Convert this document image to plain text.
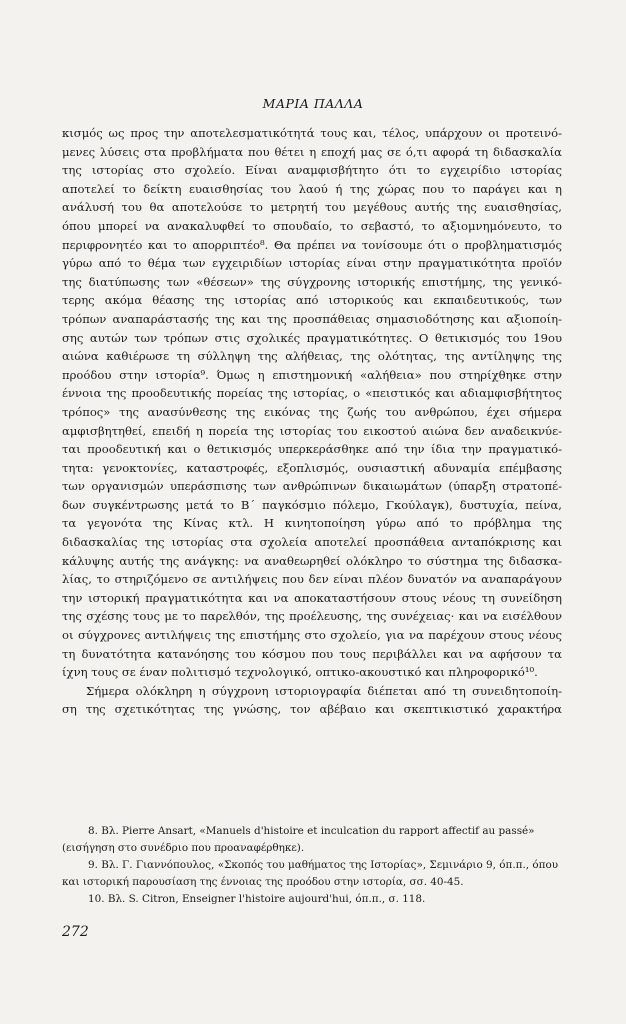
ΜΑΡΙΑ ΠΑΛΛΑ
κισμός ως προς την αποτελεσματικότητά τους και, τέλος, υπάρχουν οι προτεινό-
μενες λύσεις στα προβλήματα που θέτει η εποχή μας σε ό,τι αφορά τη διδασκαλία
της ιστορίας στο σχολείο. Είναι αναμφισβήτητο ότι το εγχειρίδιο ιστορίας
αποτελεί το δείκτη ευαισθησίας του λαού ή της χώρας που το παράγει και η
ανάλυσή του θα αποτελούσε το μετρητή του μεγέθους αυτής της ευαισθησίας,
όπου μπορεί να ανακαλυφθεί το σπουδαίο, το σεβαστό, το αξιομνημόνευτο, το
περιφρονητέο και το απορριπτέο⁸. Θα πρέπει να τονίσουμε ότι ο προβληματισμός
γύρω από το θέμα των εγχειριδίων ιστορίας είναι στην πραγματικότητα προϊόν
της διατύπωσης των «θέσεων» της σύγχρονης ιστορικής επιστήμης, της γενικό-
τερης ακόμα θέασης της ιστορίας από ιστορικούς και εκπαιδευτικούς, των
τρόπων αναπαράστασής της και της προσπάθειας σημασιοδότησης και αξιοποίη-
σης αυτών των τρόπων στις σχολικές πραγματικότητες. Ο θετικισμός του 19ου
αιώνα καθιέρωσε τη σύλληψη της αλήθειας, της ολότητας, της αντίληψης της
προόδου στην ιστορία⁹. Όμως η επιστημονική «αλήθεια» που στηρίχθηκε στην
έννοια της προοδευτικής πορείας της ιστορίας, ο «πειστικός και αδιαμφισβήτητος
τρόπος» της ανασύνθεσης της εικόνας της ζωής του ανθρώπου, έχει σήμερα
αμφισβητηθεί, επειδή η πορεία της ιστορίας του εικοστού αιώνα δεν αναδεικνύε-
ται προοδευτική και ο θετικισμός υπερκεράσθηκε από την ίδια την πραγματικό-
τητα: γενοκτονίες, καταστροφές, εξοπλισμός, ουσιαστική αδυναμία επέμβασης
των οργανισμών υπεράσπισης των ανθρώπινων δικαιωμάτων (ύπαρξη στρατοπέ-
δων συγκέντρωσης μετά το Β΄ παγκόσμιο πόλεμο, Γκούλαγκ), δυστυχία, πείνα,
τα γεγονότα της Κίνας κτλ. Η κινητοποίηση γύρω από το πρόβλημα της
διδασκαλίας της ιστορίας στα σχολεία αποτελεί προσπάθεια ανταπόκρισης και
κάλυψης αυτής της ανάγκης: να αναθεωρηθεί ολόκληρο το σύστημα της διδασκα-
λίας, το στηριζόμενο σε αντιλήψεις που δεν είναι πλέον δυνατόν να αναπαράγουν
την ιστορική πραγματικότητα και να αποκαταστήσουν στους νέους τη συνείδηση
της σχέσης τους με το παρελθόν, της προέλευσης, της συνέχειας· και να εισέλθουν
οι σύγχρονες αντιλήψεις της επιστήμης στο σχολείο, για να παρέχουν στους νέους
τη δυνατότητα κατανόησης του κόσμου που τους περιβάλλει και να αφήσουν τα
ίχνη τους σε έναν πολιτισμό τεχνολογικό, οπτικο-ακουστικό και πληροφορικό¹⁰.
Σήμερα ολόκληρη η σύγχρονη ιστοριογραφία διέπεται από τη συνειδητοποίη-
ση της σχετικότητας της γνώσης, τον αβέβαιο και σκεπτικιστικό χαρακτήρα
8. Βλ. Pierre Ansart, «Manuels d'histoire et inculcation du rapport affectif au passé»
(εισήγηση στο συνέδριο που προαναφέρθηκε).
9. Βλ. Γ. Γιαννόπουλος, «Σκοπός του μαθήματος της Ιστορίας», Σεμινάριο 9, όπ.π., όπου
και ιστορική παρουσίαση της έννοιας της προόδου στην ιστορία, σσ. 40-45.
10. Βλ. S. Citron, Enseigner l'histoire aujourd'hui, όπ.π., σ. 118.
272
